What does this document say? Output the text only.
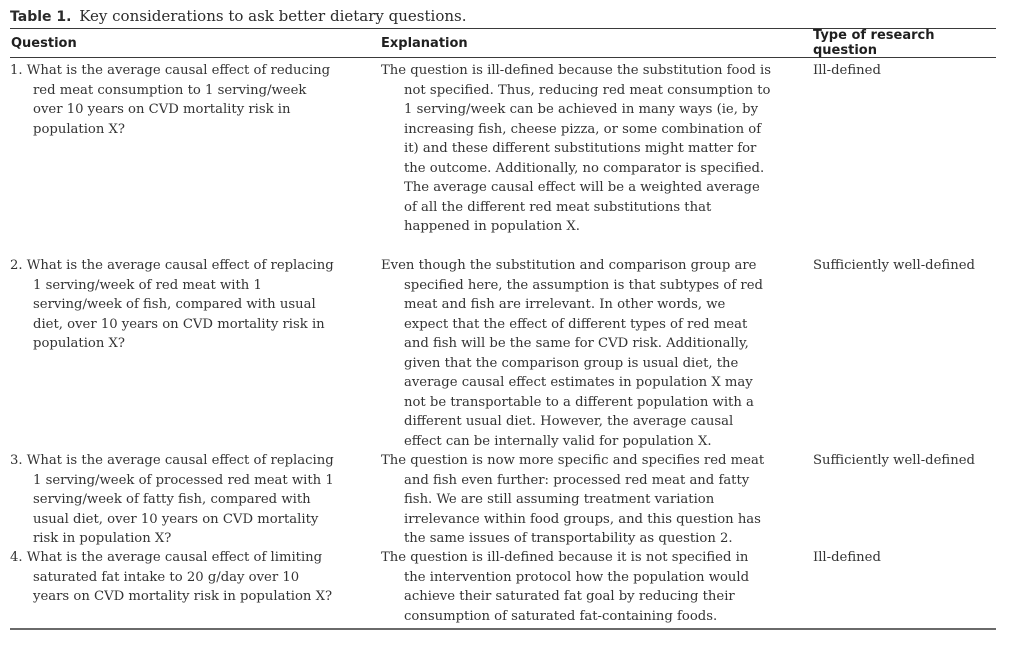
Table 1. Key considerations to ask better dietary questions.
Question	Explanation	Type of research question
1. What is the average causal effect of reducing red meat consumption to 1 serving/week over 10 years on CVD mortality risk in population X?
The question is ill-defined because the substitution food is not specified. Thus, reducing red meat consumption to 1 serving/week can be achieved in many ways (ie, by increasing fish, cheese pizza, or some combination of it) and these different substitutions might matter for the outcome. Additionally, no comparator is specified. The average causal effect will be a weighted average of all the different red meat substitutions that happened in population X.
Ill-defined
2. What is the average causal effect of replacing 1 serving/week of red meat with 1 serving/week of fish, compared with usual diet, over 10 years on CVD mortality risk in population X?
Even though the substitution and comparison group are specified here, the assumption is that subtypes of red meat and fish are irrelevant. In other words, we expect that the effect of different types of red meat and fish will be the same for CVD risk. Additionally, given that the comparison group is usual diet, the average causal effect estimates in population X may not be transportable to a different population with a different usual diet. However, the average causal effect can be internally valid for population X.
Sufficiently well-defined
3. What is the average causal effect of replacing 1 serving/week of processed red meat with 1 serving/week of fatty fish, compared with usual diet, over 10 years on CVD mortality risk in population X?
The question is now more specific and specifies red meat and fish even further: processed red meat and fatty fish. We are still assuming treatment variation irrelevance within food groups, and this question has the same issues of transportability as question 2.
Sufficiently well-defined
4. What is the average causal effect of limiting saturated fat intake to 20 g/day over 10 years on CVD mortality risk in population X?
The question is ill-defined because it is not specified in the intervention protocol how the population would achieve their saturated fat goal by reducing their consumption of saturated fat-containing foods.
Ill-defined
